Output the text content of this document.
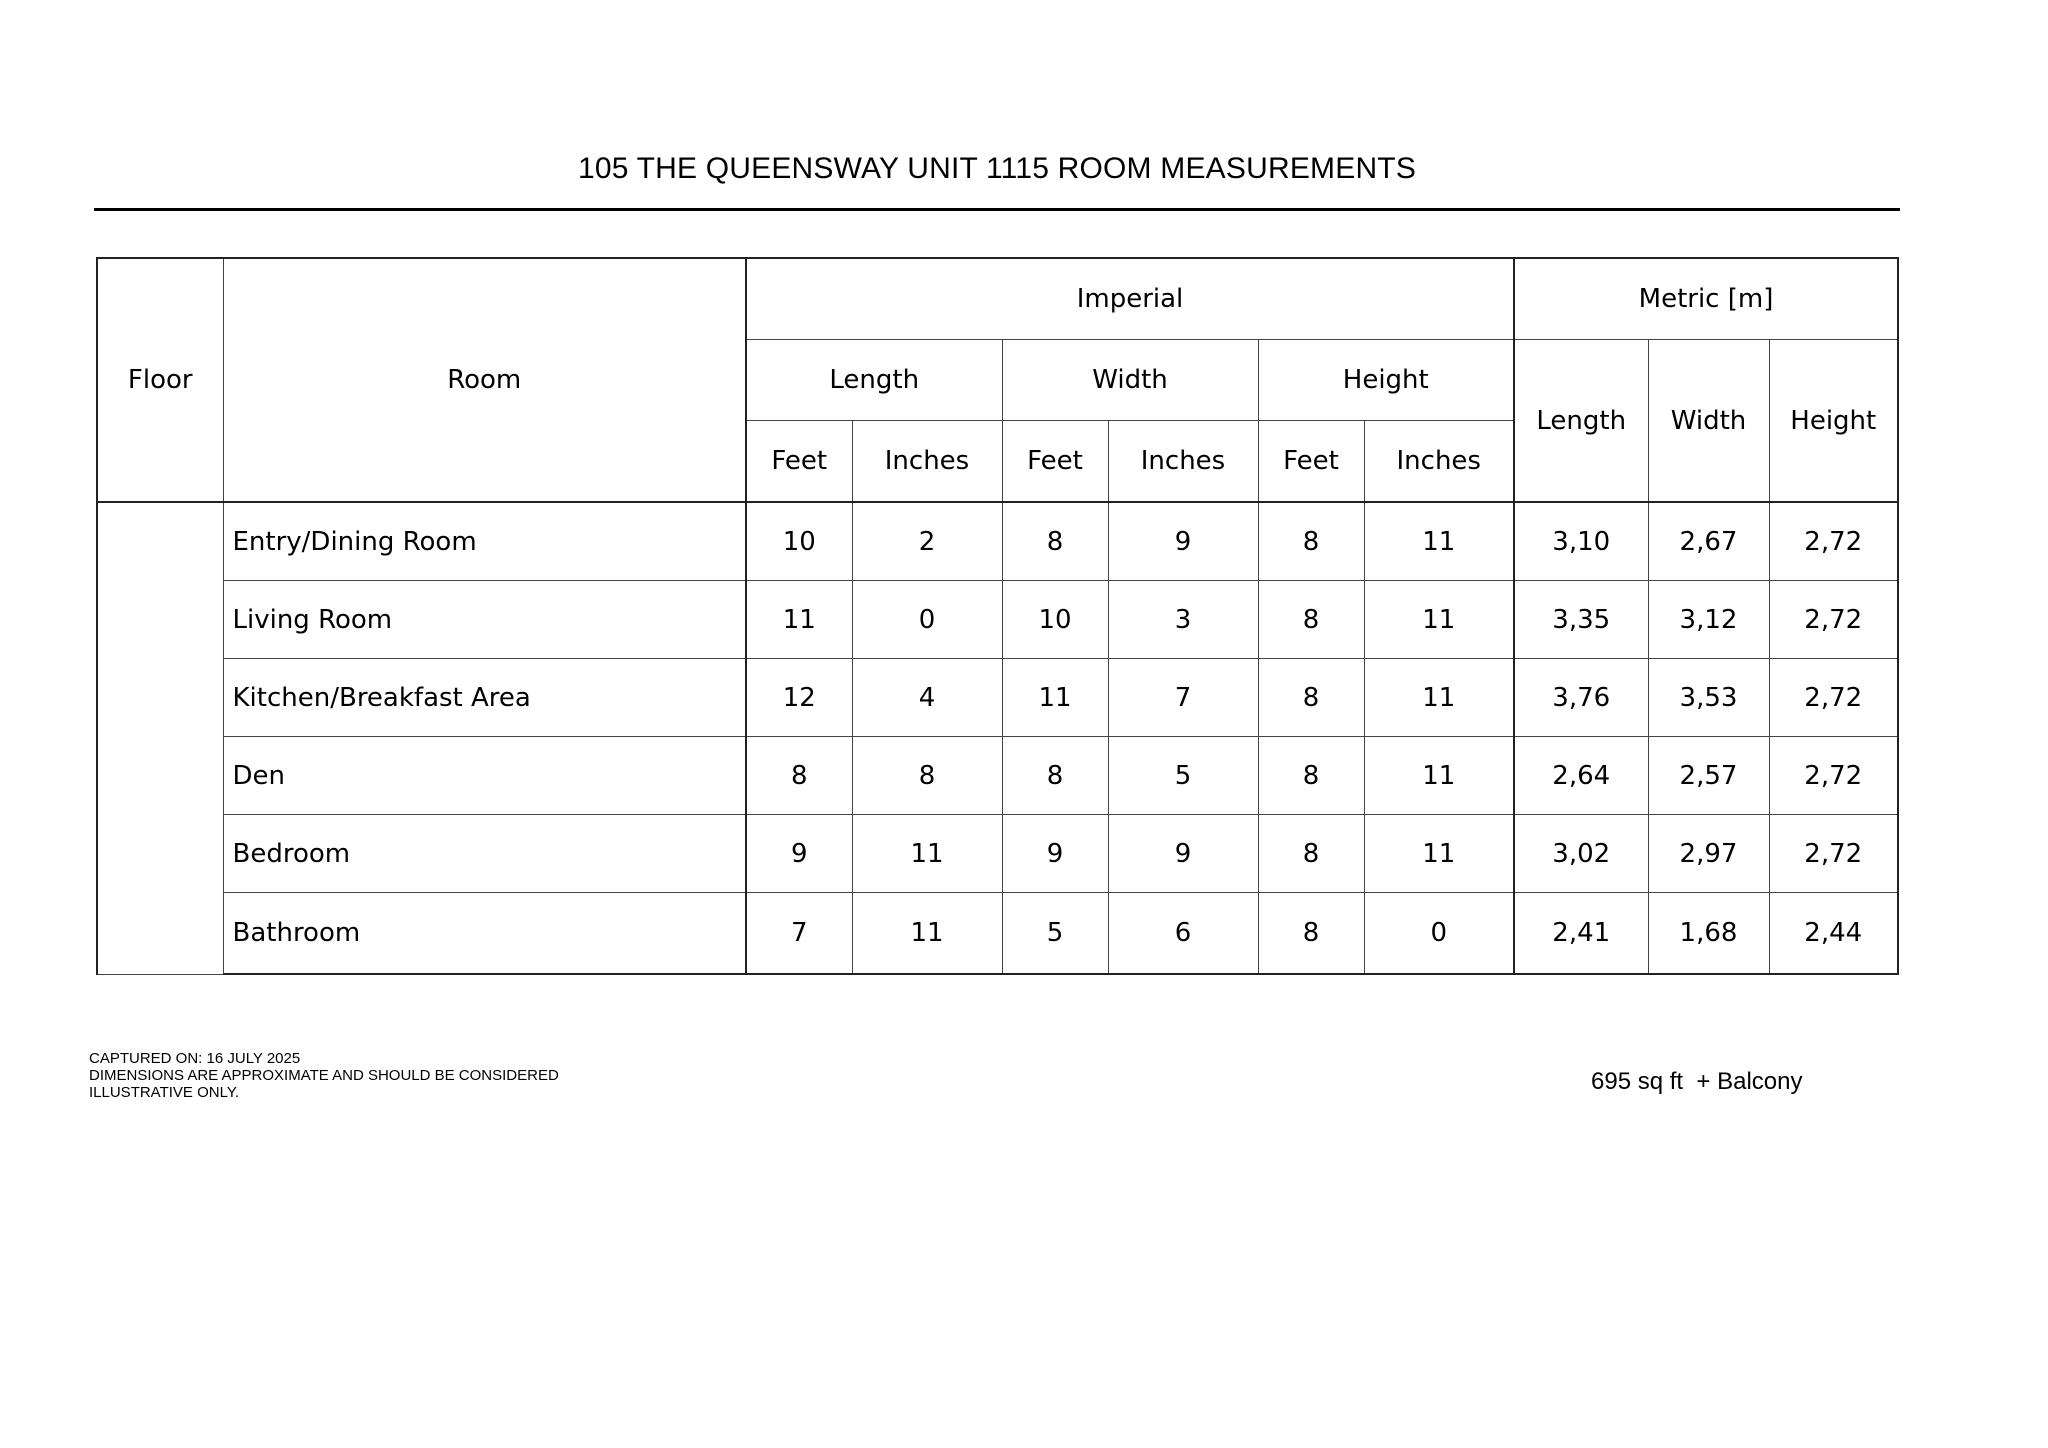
105 THE QUEENSWAY UNIT 1115 ROOM MEASUREMENTS
Floor	Room	Imperial						Metric [m]		
		Length		Width		Height		Length	Width	Height
		Feet	Inches	Feet	Inches	Feet	Inches			
	Entry/Dining Room	10	2	8	9	8	11	3,10	2,67	2,72
	Living Room	11	0	10	3	8	11	3,35	3,12	2,72
	Kitchen/Breakfast Area	12	4	11	7	8	11	3,76	3,53	2,72
	Den	8	8	8	5	8	11	2,64	2,57	2,72
	Bedroom	9	11	9	9	8	11	3,02	2,97	2,72
	Bathroom	7	11	5	6	8	0	2,41	1,68	2,44
CAPTURED ON: 16 JULY 2025
DIMENSIONS ARE APPROXIMATE AND SHOULD BE CONSIDERED
ILLUSTRATIVE ONLY.	695 sq ft  + Balcony
